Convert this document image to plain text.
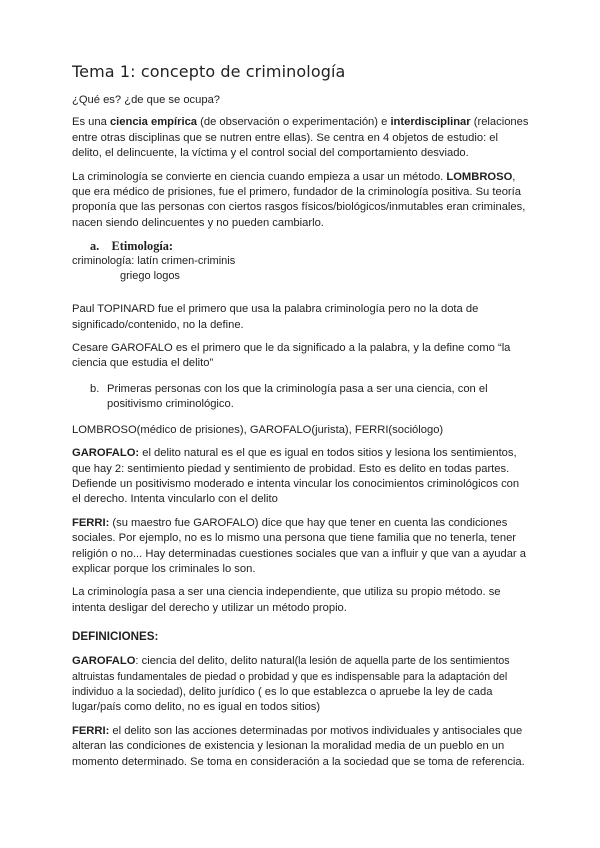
Tema 1: concepto de criminología

¿Qué es? ¿de que se ocupa?

Es una ciencia empírica (de observación o experimentación) e interdisciplinar (relaciones entre otras disciplinas que se nutren entre ellas). Se centra en 4 objetos de estudio: el delito, el delincuente, la víctima y el control social del comportamiento desviado.

La criminología se convierte en ciencia cuando empieza a usar un método. LOMBROSO, que era médico de prisiones, fue el primero, fundador de la criminología positiva. Su teoría proponía que las personas con ciertos rasgos físicos/biológicos/inmutables eran criminales, nacen siendo delincuentes y no pueden cambiarlo.

a. Etimología:

criminología: latín crimen-criminis

griego logos

Paul TOPINARD fue el primero que usa la palabra criminología pero no la dota de significado/contenido, no la define.

Cesare GAROFALO es el primero que le da significado a la palabra, y la define como “la ciencia que estudia el delito”

b. Primeras personas con los que la criminología pasa a ser una ciencia, con el positivismo criminológico.

LOMBROSO(médico de prisiones), GAROFALO(jurista), FERRI(sociólogo)

GAROFALO: el delito natural es el que es igual en todos sitios y lesiona los sentimientos, que hay 2: sentimiento piedad y sentimiento de probidad. Esto es delito en todas partes. Defiende un positivismo moderado e intenta vincular los conocimientos criminológicos con el derecho. Intenta vincularlo con el delito

FERRI: (su maestro fue GAROFALO) dice que hay que tener en cuenta las condiciones sociales. Por ejemplo, no es lo mismo una persona que tiene familia que no tenerla, tener religión o no... Hay determinadas cuestiones sociales que van a influir y que van a ayudar a explicar porque los criminales lo son.

La criminología pasa a ser una ciencia independiente, que utiliza su propio método. se intenta desligar del derecho y utilizar un método propio.

DEFINICIONES:

GAROFALO: ciencia del delito, delito natural(la lesión de aquella parte de los sentimientos altruistas fundamentales de piedad o probidad y que es indispensable para la adaptación del individuo a la sociedad), delito jurídico ( es lo que establezca o apruebe la ley de cada lugar/país como delito, no es igual en todos sitios)

FERRI: el delito son las acciones determinadas por motivos individuales y antisociales que alteran las condiciones de existencia y lesionan la moralidad media de un pueblo en un momento determinado. Se toma en consideración a la sociedad que se toma de referencia.
